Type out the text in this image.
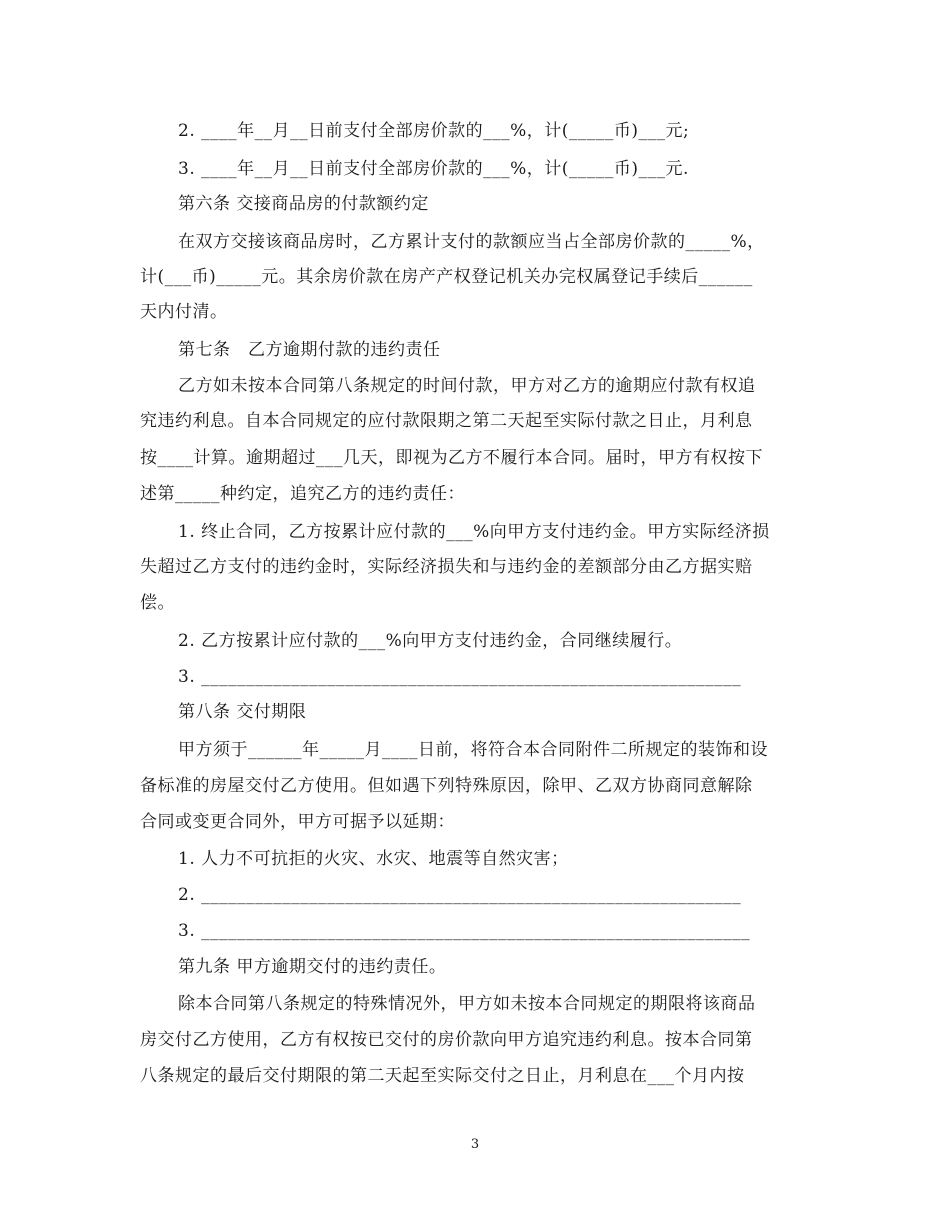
2. ____年__月__日前支付全部房价款的___%，计(_____币)___元;
3. ____年__月__日前支付全部房价款的___%，计(_____币)___元.
第六条 交接商品房的付款额约定
在双方交接该商品房时，乙方累计支付的款额应当占全部房价款的_____%，
计(___币)_____元。其余房价款在房产产权登记机关办完权属登记手续后______
天内付清。
第七条　乙方逾期付款的违约责任
乙方如未按本合同第八条规定的时间付款，甲方对乙方的逾期应付款有权追
究违约利息。自本合同规定的应付款限期之第二天起至实际付款之日止，月利息
按____计算。逾期超过___几天，即视为乙方不履行本合同。届时，甲方有权按下
述第_____种约定，追究乙方的违约责任：
1. 终止合同，乙方按累计应付款的___%向甲方支付违约金。甲方实际经济损
失超过乙方支付的违约金时，实际经济损失和与违约金的差额部分由乙方据实赔
偿。
2. 乙方按累计应付款的___%向甲方支付违约金，合同继续履行。
3. ____________________________________________________________
第八条 交付期限
甲方须于______年_____月____日前，将符合本合同附件二所规定的装饰和设
备标准的房屋交付乙方使用。但如遇下列特殊原因，除甲、乙双方协商同意解除
合同或变更合同外，甲方可据予以延期：
1. 人力不可抗拒的火灾、水灾、地震等自然灾害；
2. ____________________________________________________________
3. _____________________________________________________________
第九条 甲方逾期交付的违约责任。
除本合同第八条规定的特殊情况外，甲方如未按本合同规定的期限将该商品
房交付乙方使用，乙方有权按已交付的房价款向甲方追究违约利息。按本合同第
八条规定的最后交付期限的第二天起至实际交付之日止，月利息在___个月内按
3
